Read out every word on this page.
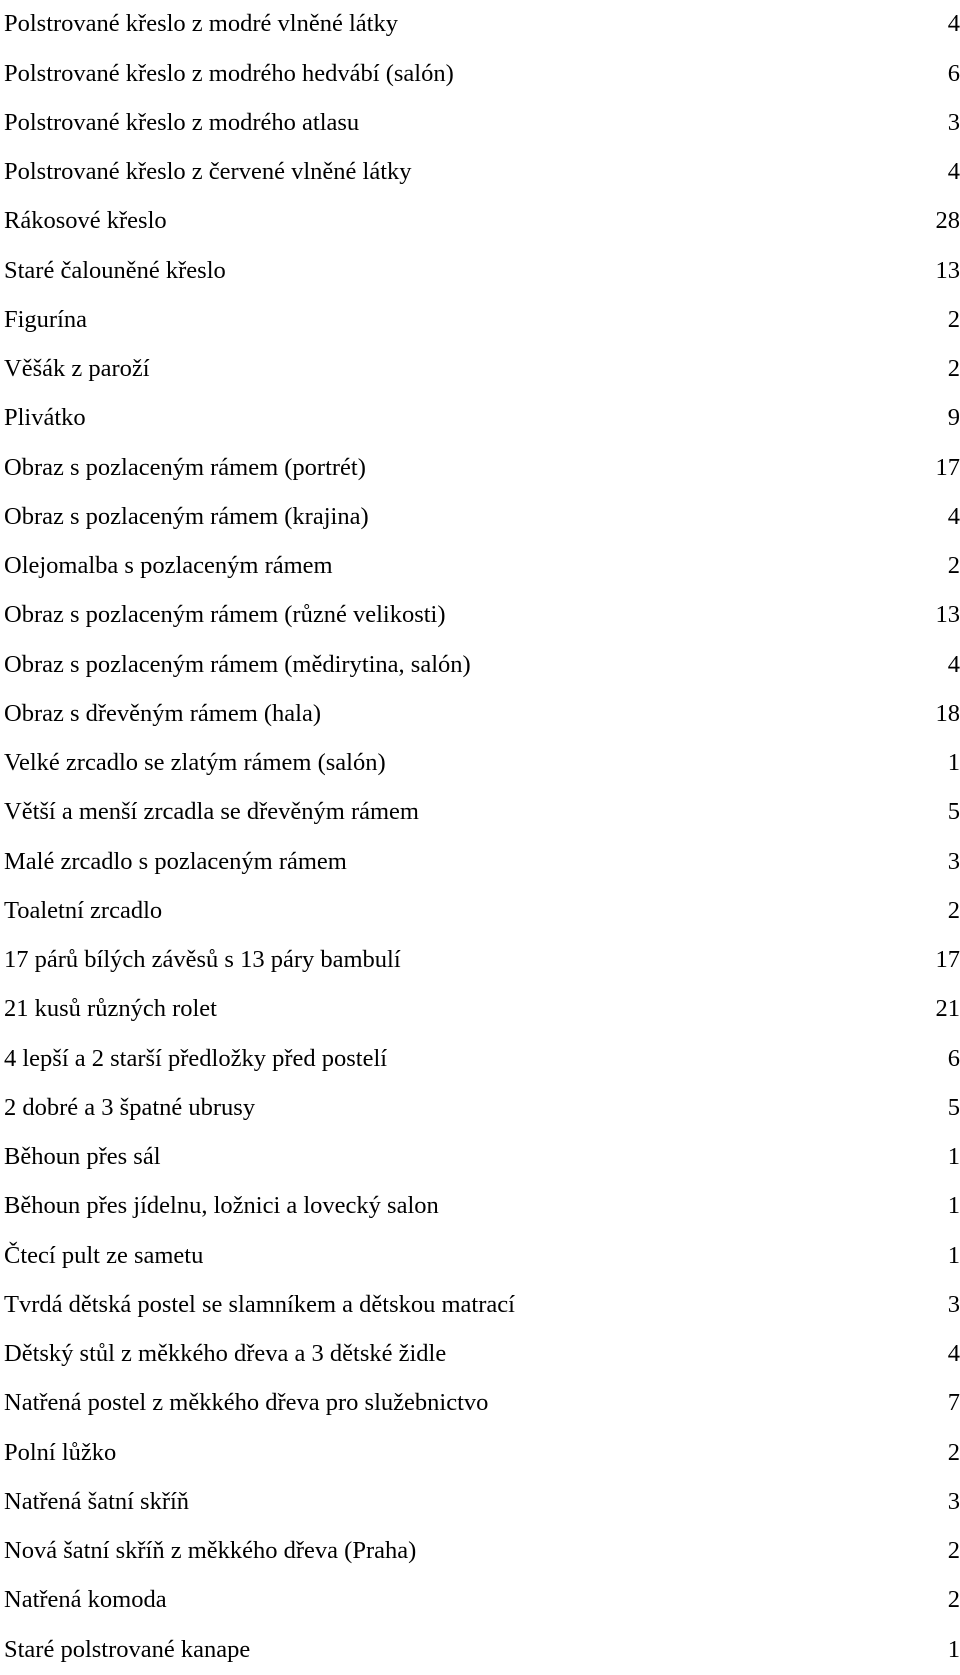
Polstrované křeslo z modré vlněné látky	4
Polstrované křeslo z modrého hedvábí (salón)	6
Polstrované křeslo z modrého atlasu	3
Polstrované křeslo z červené vlněné látky	4
Rákosové křeslo	28
Staré čalouněné křeslo	13
Figurína	2
Věšák z paroží	2
Plivátko	9
Obraz s pozlaceným rámem (portrét)	17
Obraz s pozlaceným rámem (krajina)	4
Olejomalba s pozlaceným rámem	2
Obraz s pozlaceným rámem (různé velikosti)	13
Obraz s pozlaceným rámem (mědirytina, salón)	4
Obraz s dřevěným rámem (hala)	18
Velké zrcadlo se zlatým rámem (salón)	1
Větší a menší zrcadla se dřevěným rámem	5
Malé zrcadlo s pozlaceným rámem	3
Toaletní zrcadlo	2
17 párů bílých závěsů s 13 páry bambulí	17
21 kusů různých rolet	21
4 lepší a 2 starší předložky před postelí	6
2 dobré a 3 špatné ubrusy	5
Běhoun přes sál	1
Běhoun přes jídelnu, ložnici a lovecký salon	1
Čtecí pult ze sametu	1
Tvrdá dětská postel se slamníkem a dětskou matrací	3
Dětský stůl z měkkého dřeva a 3 dětské židle	4
Natřená postel z měkkého dřeva pro služebnictvo	7
Polní lůžko	2
Natřená šatní skříň	3
Nová šatní skříň z měkkého dřeva (Praha)	2
Natřená komoda	2
Staré polstrované kanape	1
